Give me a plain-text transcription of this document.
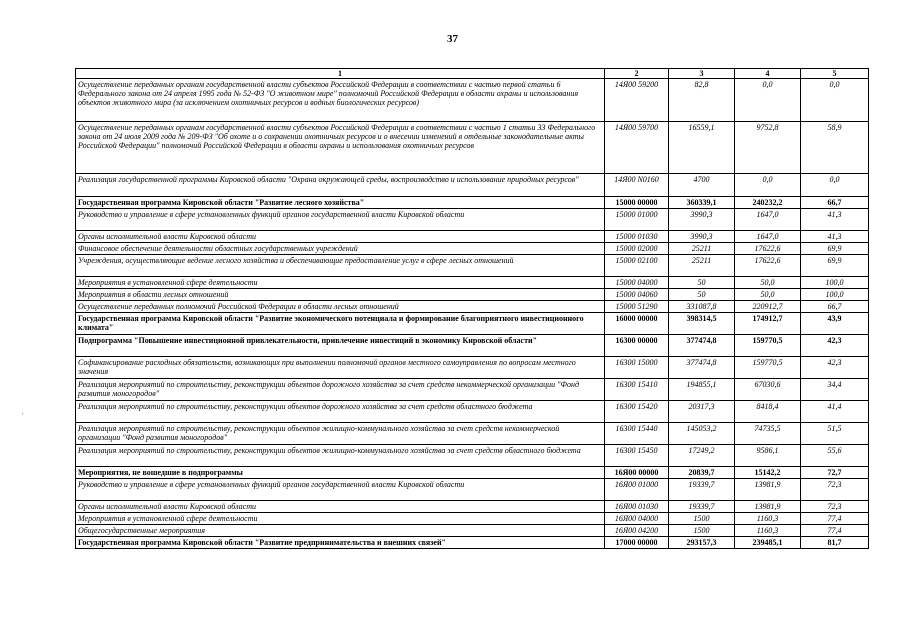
37
'
1	2	3	4	5
Осуществление переданных органам государственной власти субъектов Российской Федерации в соответствии с частью первой статьи 6 Федерального закона от 24 апреля 1995 года № 52-ФЗ "О животном мире" полномочий Российской Федерации в области охраны и использования объектов животного мира (за исключением охотничьих ресурсов и водных биологических ресурсов)	14Я00 59200	82,8	0,0	0,0
Осуществление переданных органам государственной власти субъектов Российской Федерации в соответствии с частью 1 статьи 33 Федерального закона от 24 июля 2009 года № 209-ФЗ "Об охоте и о сохранении охотничьих ресурсов и о внесении изменений в отдельные законодательные акты Российской Федерации" полномочий Российской Федерации в области охраны и использования охотничьих ресурсов	14Я00 59700	16559,1	9752,8	58,9
Реализация государственной программы Кировской области "Охрана окружающей среды, воспроизводство и использование природных ресурсов"	14Я00 N0160	4700	0,0	0,0
Государственная программа Кировской области "Развитие лесного хозяйства"	15000 00000	360339,1	240232,2	66,7
Руководство и управление в сфере установленных функций органов государственной власти Кировской области	15000 01000	3990,3	1647,0	41,3
Органы исполнительной власти Кировской области	15000 01030	3990,3	1647,0	41,3
Финансовое обеспечение деятельности областных государственных учреждений	15000 02000	25211	17622,6	69,9
Учреждения, осуществляющие ведение лесного хозяйства и обеспечивающие предоставление услуг в сфере лесных отношений	15000 02100	25211	17622,6	69,9
Мероприятия в установленной сфере деятельности	15000 04000	50	50,0	100,0
Мероприятия в области лесных отношений	15000 04060	50	50,0	100,0
Осуществление переданных полномочий Российской Федерации в области лесных отношений	15000 51290	331087,8	220912,7	66,7
Государственная программа Кировской области "Развитие экономического потенциала и формирование благоприятного инвестиционного климата"	16000 00000	398314,5	174912,7	43,9
Подпрограмма "Повышение инвестиционной привлекательности, привлечение инвестиций в экономику Кировской области"	16300 00000	377474,8	159770,5	42,3
Софинансирование расходных обязательств, возникающих при выполнении полномочий органов местного самоуправления по вопросам местного значения	16300 15000	377474,8	159770,5	42,3
Реализация мероприятий по строительству, реконструкции объектов дорожного хозяйства за счет средств некоммерческой организации "Фонд развития моногородов"	16300 15410	194855,1	67030,6	34,4
Реализация мероприятий по строительству, реконструкции объектов дорожного хозяйства за счет средств областного бюджета	16300 15420	20317,3	8418,4	41,4
Реализация мероприятий по строительству, реконструкции объектов жилищно-коммунального хозяйства за счет средств некоммерческой организации "Фонд развития моногородов"	16300 15440	145053,2	74735,5	51,5
Реализация мероприятий по строительству, реконструкции объектов жилищно-коммунального хозяйства за счет средств областного бюджета	16300 15450	17249,2	9586,1	55,6
Мероприятия, не вошедшие в подпрограммы	16Я00 00000	20839,7	15142,2	72,7
Руководство и управление в сфере установленных функций органов государственной власти Кировской области	16Я00 01000	19339,7	13981,9	72,3
Органы исполнительной власти Кировской области	16Я00 01030	19339,7	13981,9	72,3
Мероприятия в установленной сфере деятельности	16Я00 04000	1500	1160,3	77,4
Общегосударственные мероприятия	16Я00 04200	1500	1160,3	77,4
Государственная программа Кировской области "Развитие предпринимательства и внешних связей"	17000 00000	293157,3	239485,1	81,7
